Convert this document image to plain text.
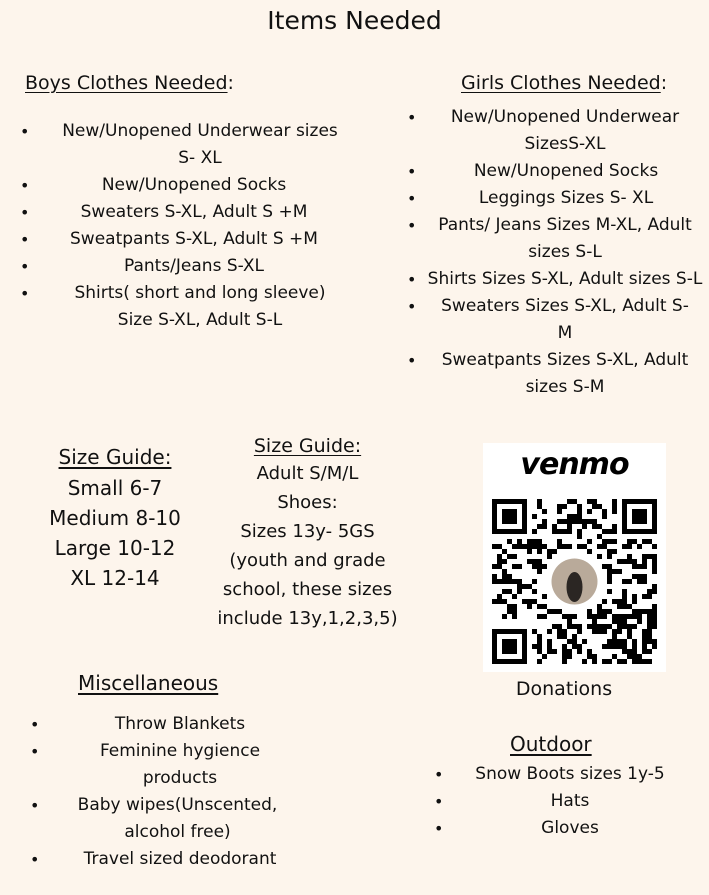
Items Needed
Boys Clothes Needed:
• New/Unopened Underwear sizes S- XL
• New/Unopened Socks
• Sweaters S-XL, Adult S +M
• Sweatpants S-XL, Adult S +M
• Pants/Jeans S-XL
• Shirts( short and long sleeve) Size S-XL, Adult S-L
Girls Clothes Needed:
• New/Unopened Underwear SizesS-XL
• New/Unopened Socks
• Leggings Sizes S- XL
• Pants/ Jeans Sizes M-XL, Adult sizes S-L
• Shirts Sizes S-XL, Adult sizes S-L
• Sweaters Sizes S-XL, Adult S-M
• Sweatpants Sizes S-XL, Adult sizes S-M
Size Guide:
Small 6-7
Medium 8-10
Large 10-12
XL 12-14
Size Guide:
Adult S/M/L
Shoes:
Sizes 13y- 5GS
(youth and grade
school, these sizes
include 13y,1,2,3,5)
venmo
Donations
Miscellaneous
• Throw Blankets
• Feminine hygience products
• Baby wipes(Unscented, alcohol free)
• Travel sized deodorant
Outdoor
• Snow Boots sizes 1y-5
• Hats
• Gloves
